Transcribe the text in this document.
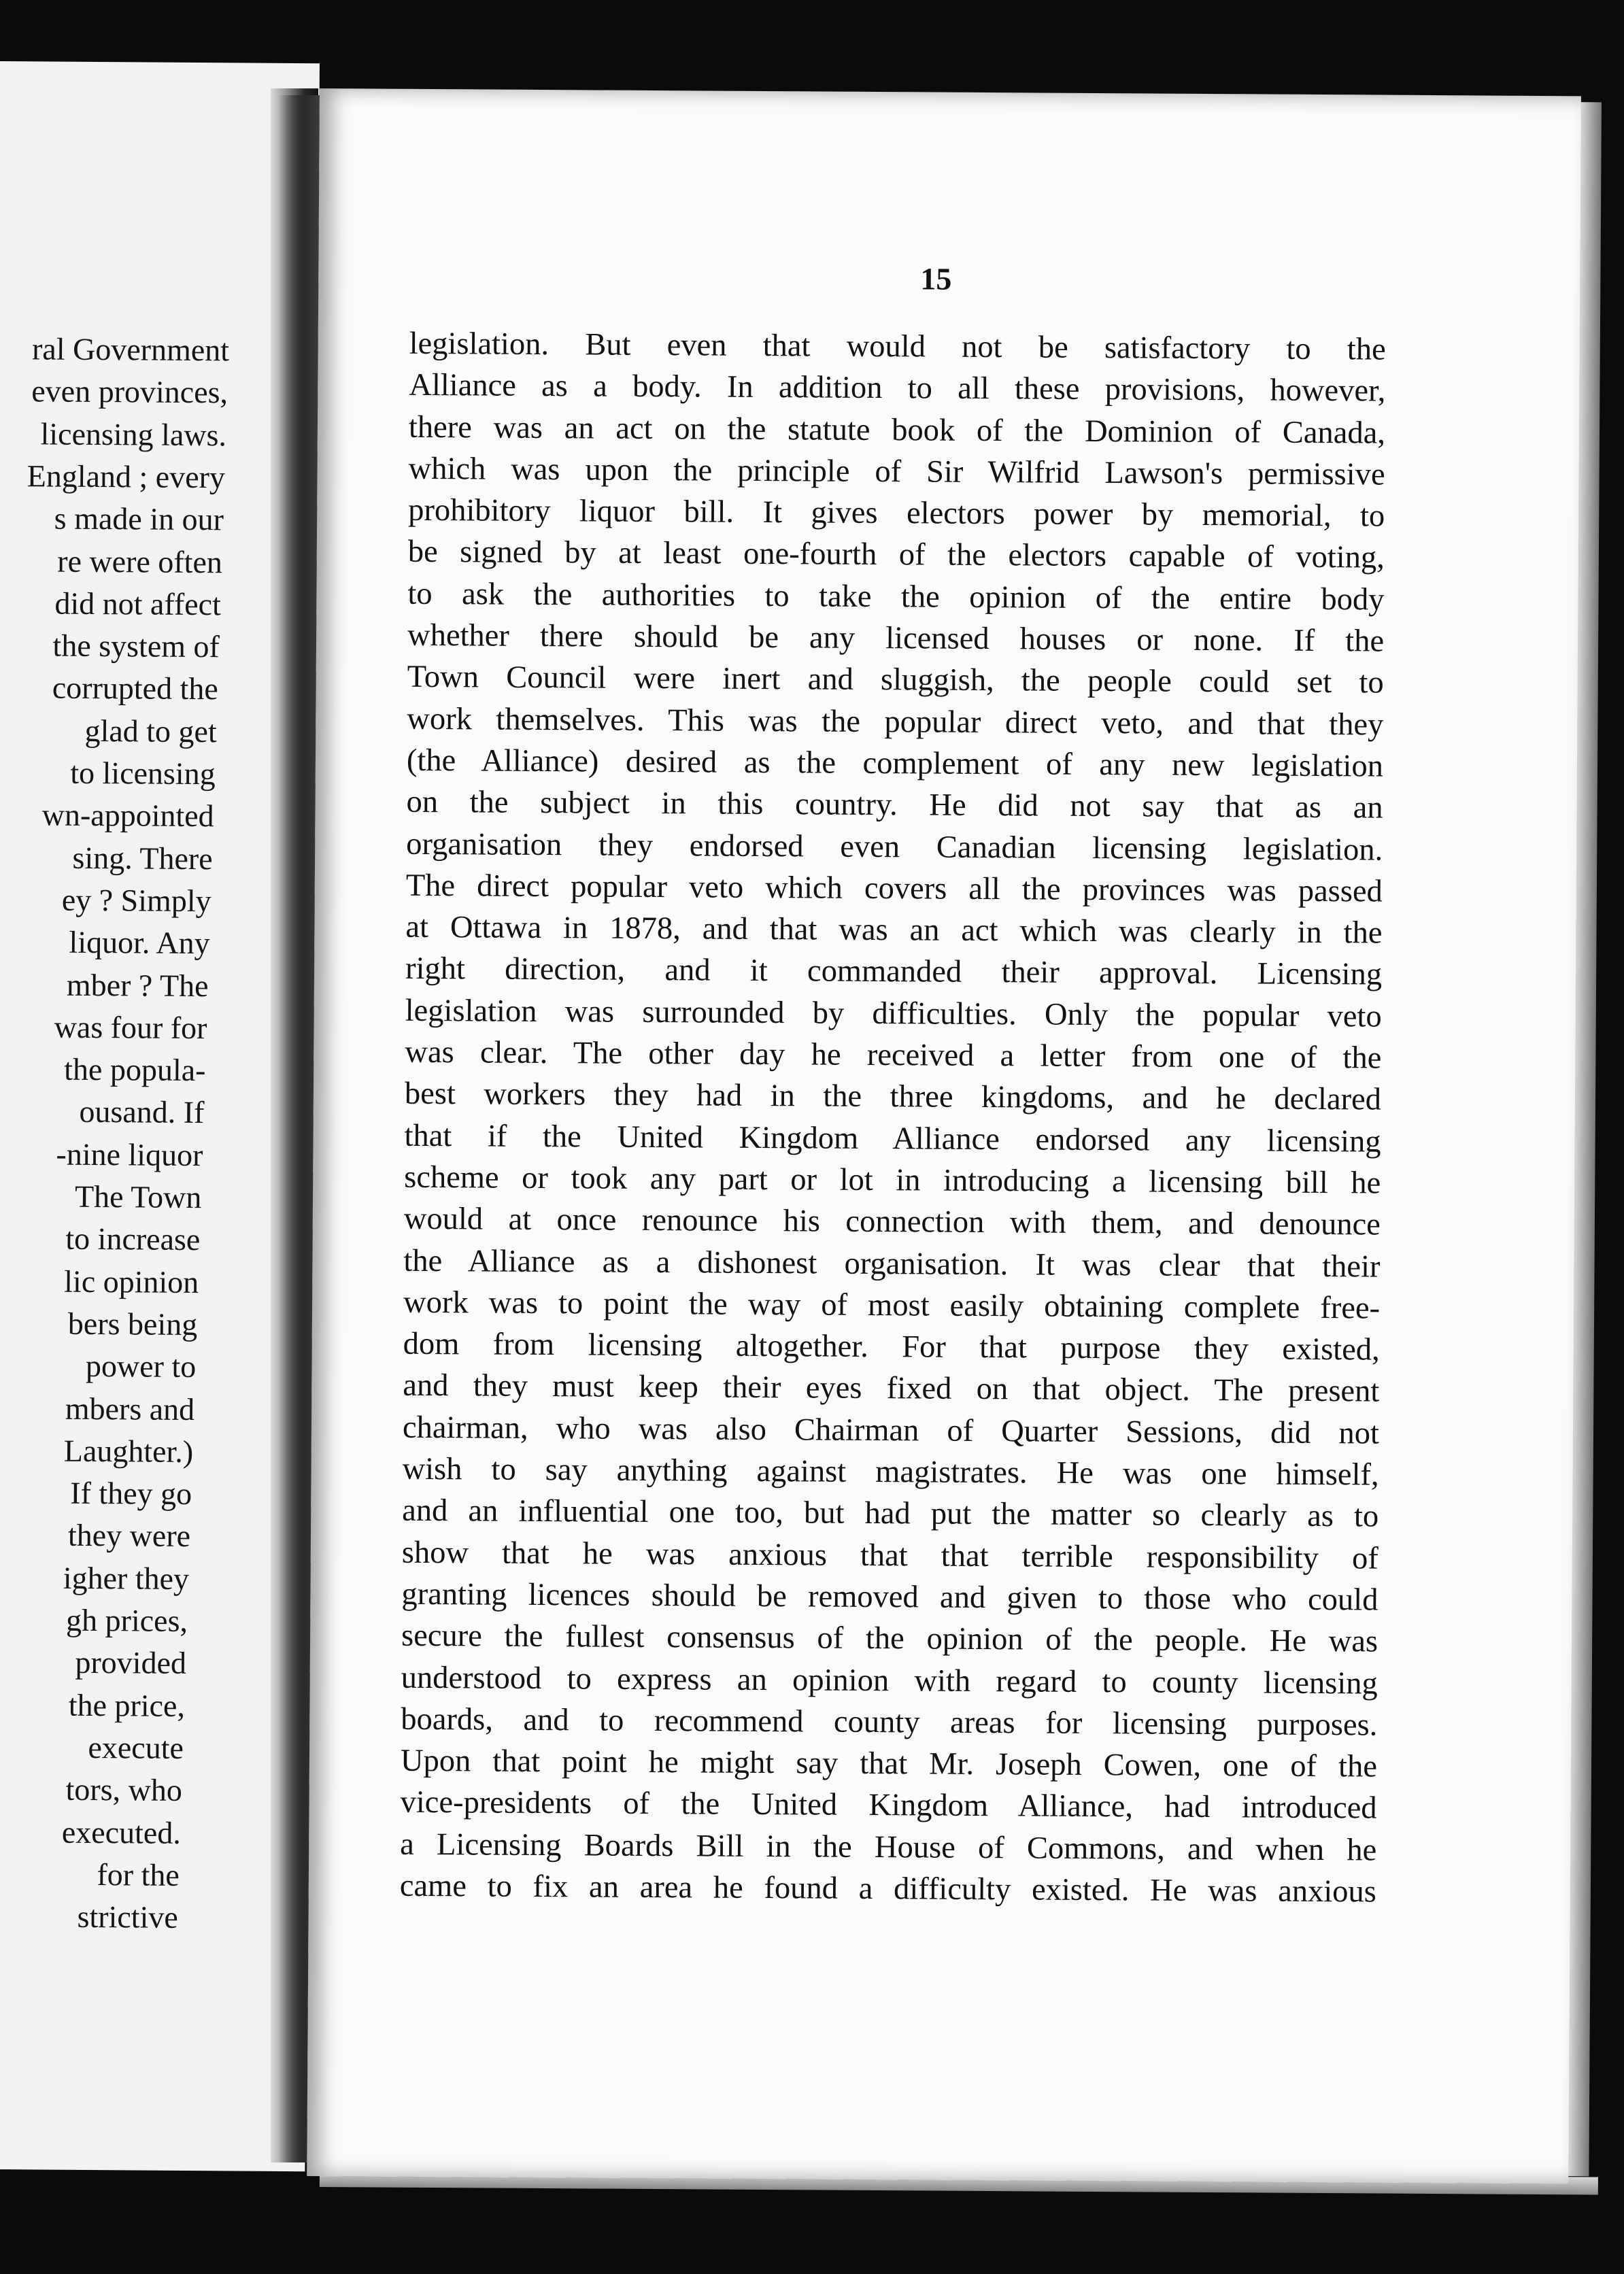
ral Government
even provinces,
licensing laws.
England ; every
s made in our
re were often
did not affect
the system of
corrupted the
glad to get
to licensing
wn-appointed
sing. There
ey ? Simply
liquor. Any
mber ? The
was four for
the popula-
ousand. If
-nine liquor
The Town
to increase
lic opinion
bers being
power to
mbers and
Laughter.)
If they go
they were
igher they
gh prices,
provided
the price,
execute
tors, who
executed.
for the
strictive
15
legislation. But even that would not be satisfactory to the
Alliance as a body. In addition to all these provisions, however,
there was an act on the statute book of the Dominion of Canada,
which was upon the principle of Sir Wilfrid Lawson's permissive
prohibitory liquor bill. It gives electors power by memorial, to
be signed by at least one-fourth of the electors capable of voting,
to ask the authorities to take the opinion of the entire body
whether there should be any licensed houses or none. If the
Town Council were inert and sluggish, the people could set to
work themselves. This was the popular direct veto, and that they
(the Alliance) desired as the complement of any new legislation
on the subject in this country. He did not say that as an
organisation they endorsed even Canadian licensing legislation.
The direct popular veto which covers all the provinces was passed
at Ottawa in 1878, and that was an act which was clearly in the
right direction, and it commanded their approval. Licensing
legislation was surrounded by difficulties. Only the popular veto
was clear. The other day he received a letter from one of the
best workers they had in the three kingdoms, and he declared
that if the United Kingdom Alliance endorsed any licensing
scheme or took any part or lot in introducing a licensing bill he
would at once renounce his connection with them, and denounce
the Alliance as a dishonest organisation. It was clear that their
work was to point the way of most easily obtaining complete free-
dom from licensing altogether. For that purpose they existed,
and they must keep their eyes fixed on that object. The present
chairman, who was also Chairman of Quarter Sessions, did not
wish to say anything against magistrates. He was one himself,
and an influential one too, but had put the matter so clearly as to
show that he was anxious that that terrible responsibility of
granting licences should be removed and given to those who could
secure the fullest consensus of the opinion of the people. He was
understood to express an opinion with regard to county licensing
boards, and to recommend county areas for licensing purposes.
Upon that point he might say that Mr. Joseph Cowen, one of the
vice-presidents of the United Kingdom Alliance, had introduced
a Licensing Boards Bill in the House of Commons, and when he
came to fix an area he found a difficulty existed. He was anxious
